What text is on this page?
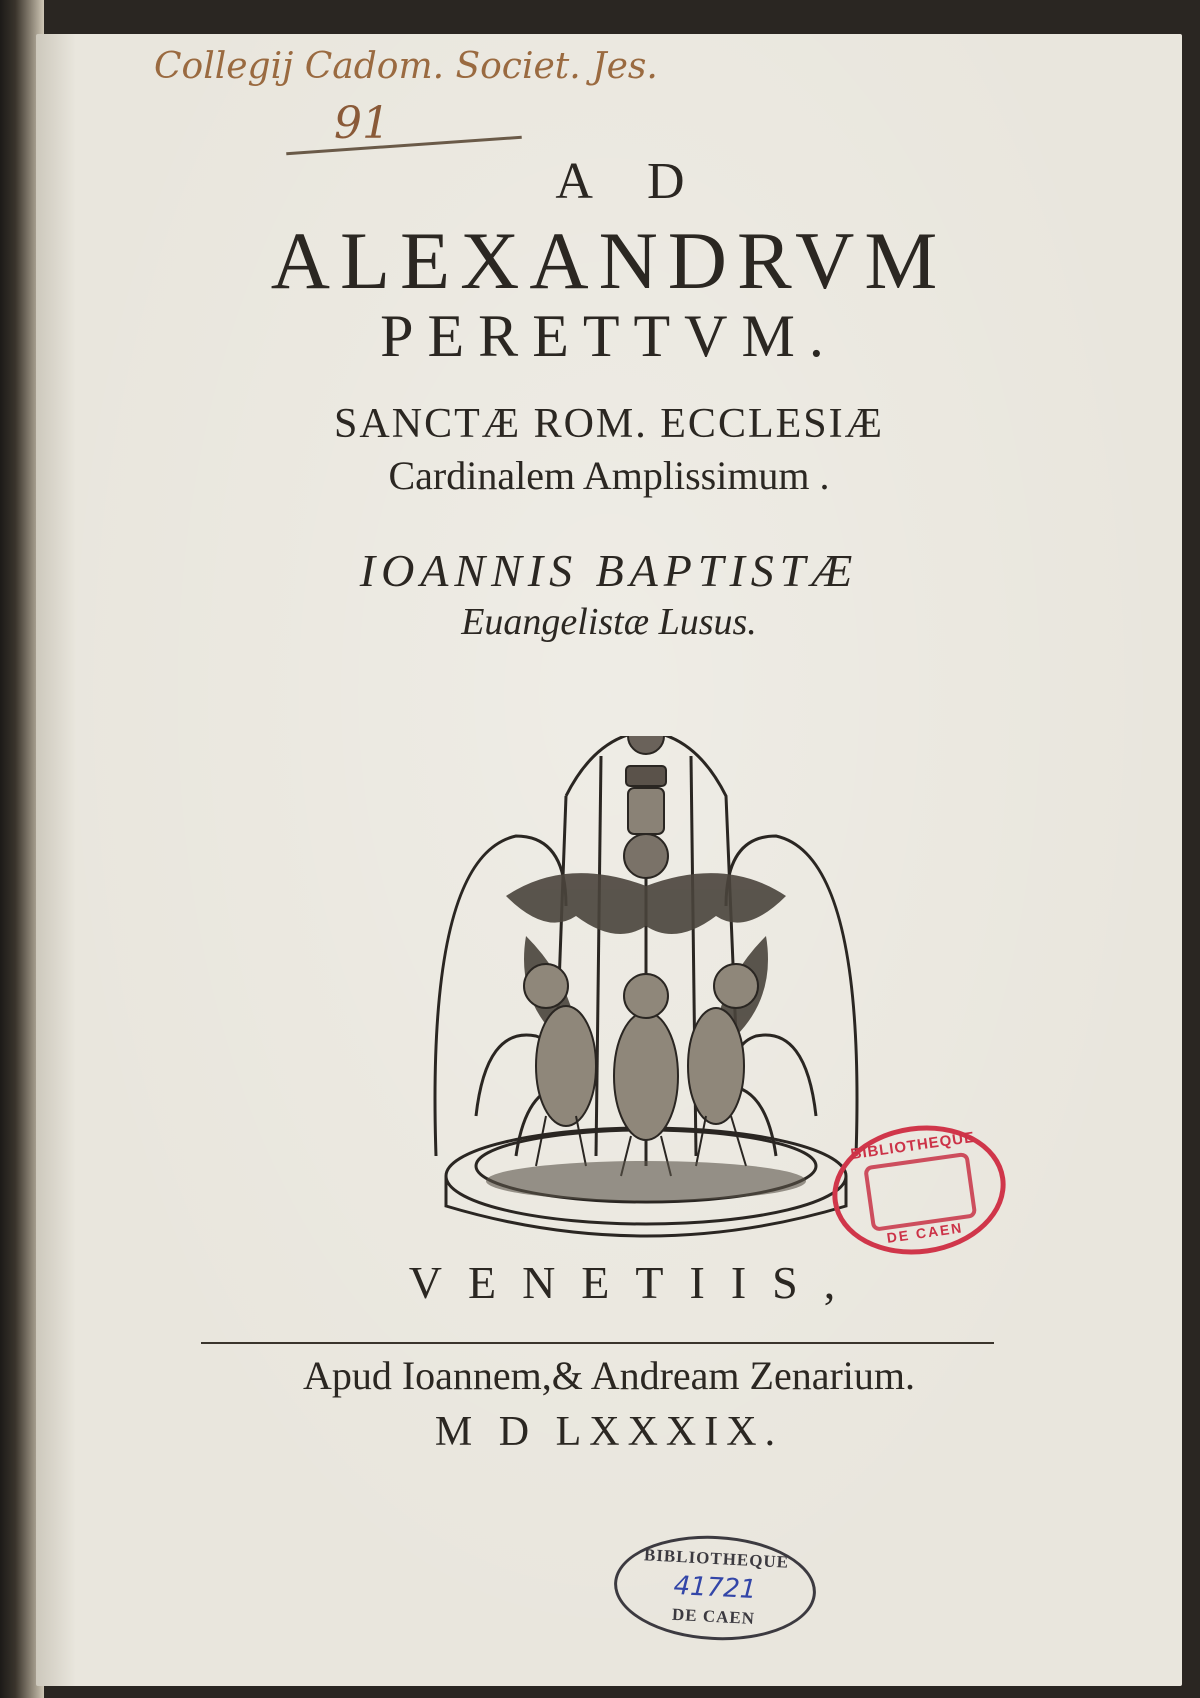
Collegij Cadom. Societ. Jes.
91
A D
ALEXANDRVM
PERETTVM.
SANCTÆ ROM. ECCLESIÆ
Cardinalem Amplissimum .
IOANNIS BAPTISTÆ
Euangelistæ Lusus.
BIBLIOTHEQUE
DE CAEN
VENETIIS,
Apud Ioannem,& Andream Zenarium.
M D LXXXIX.
BIBLIOTHEQUE
41721
DE CAEN
